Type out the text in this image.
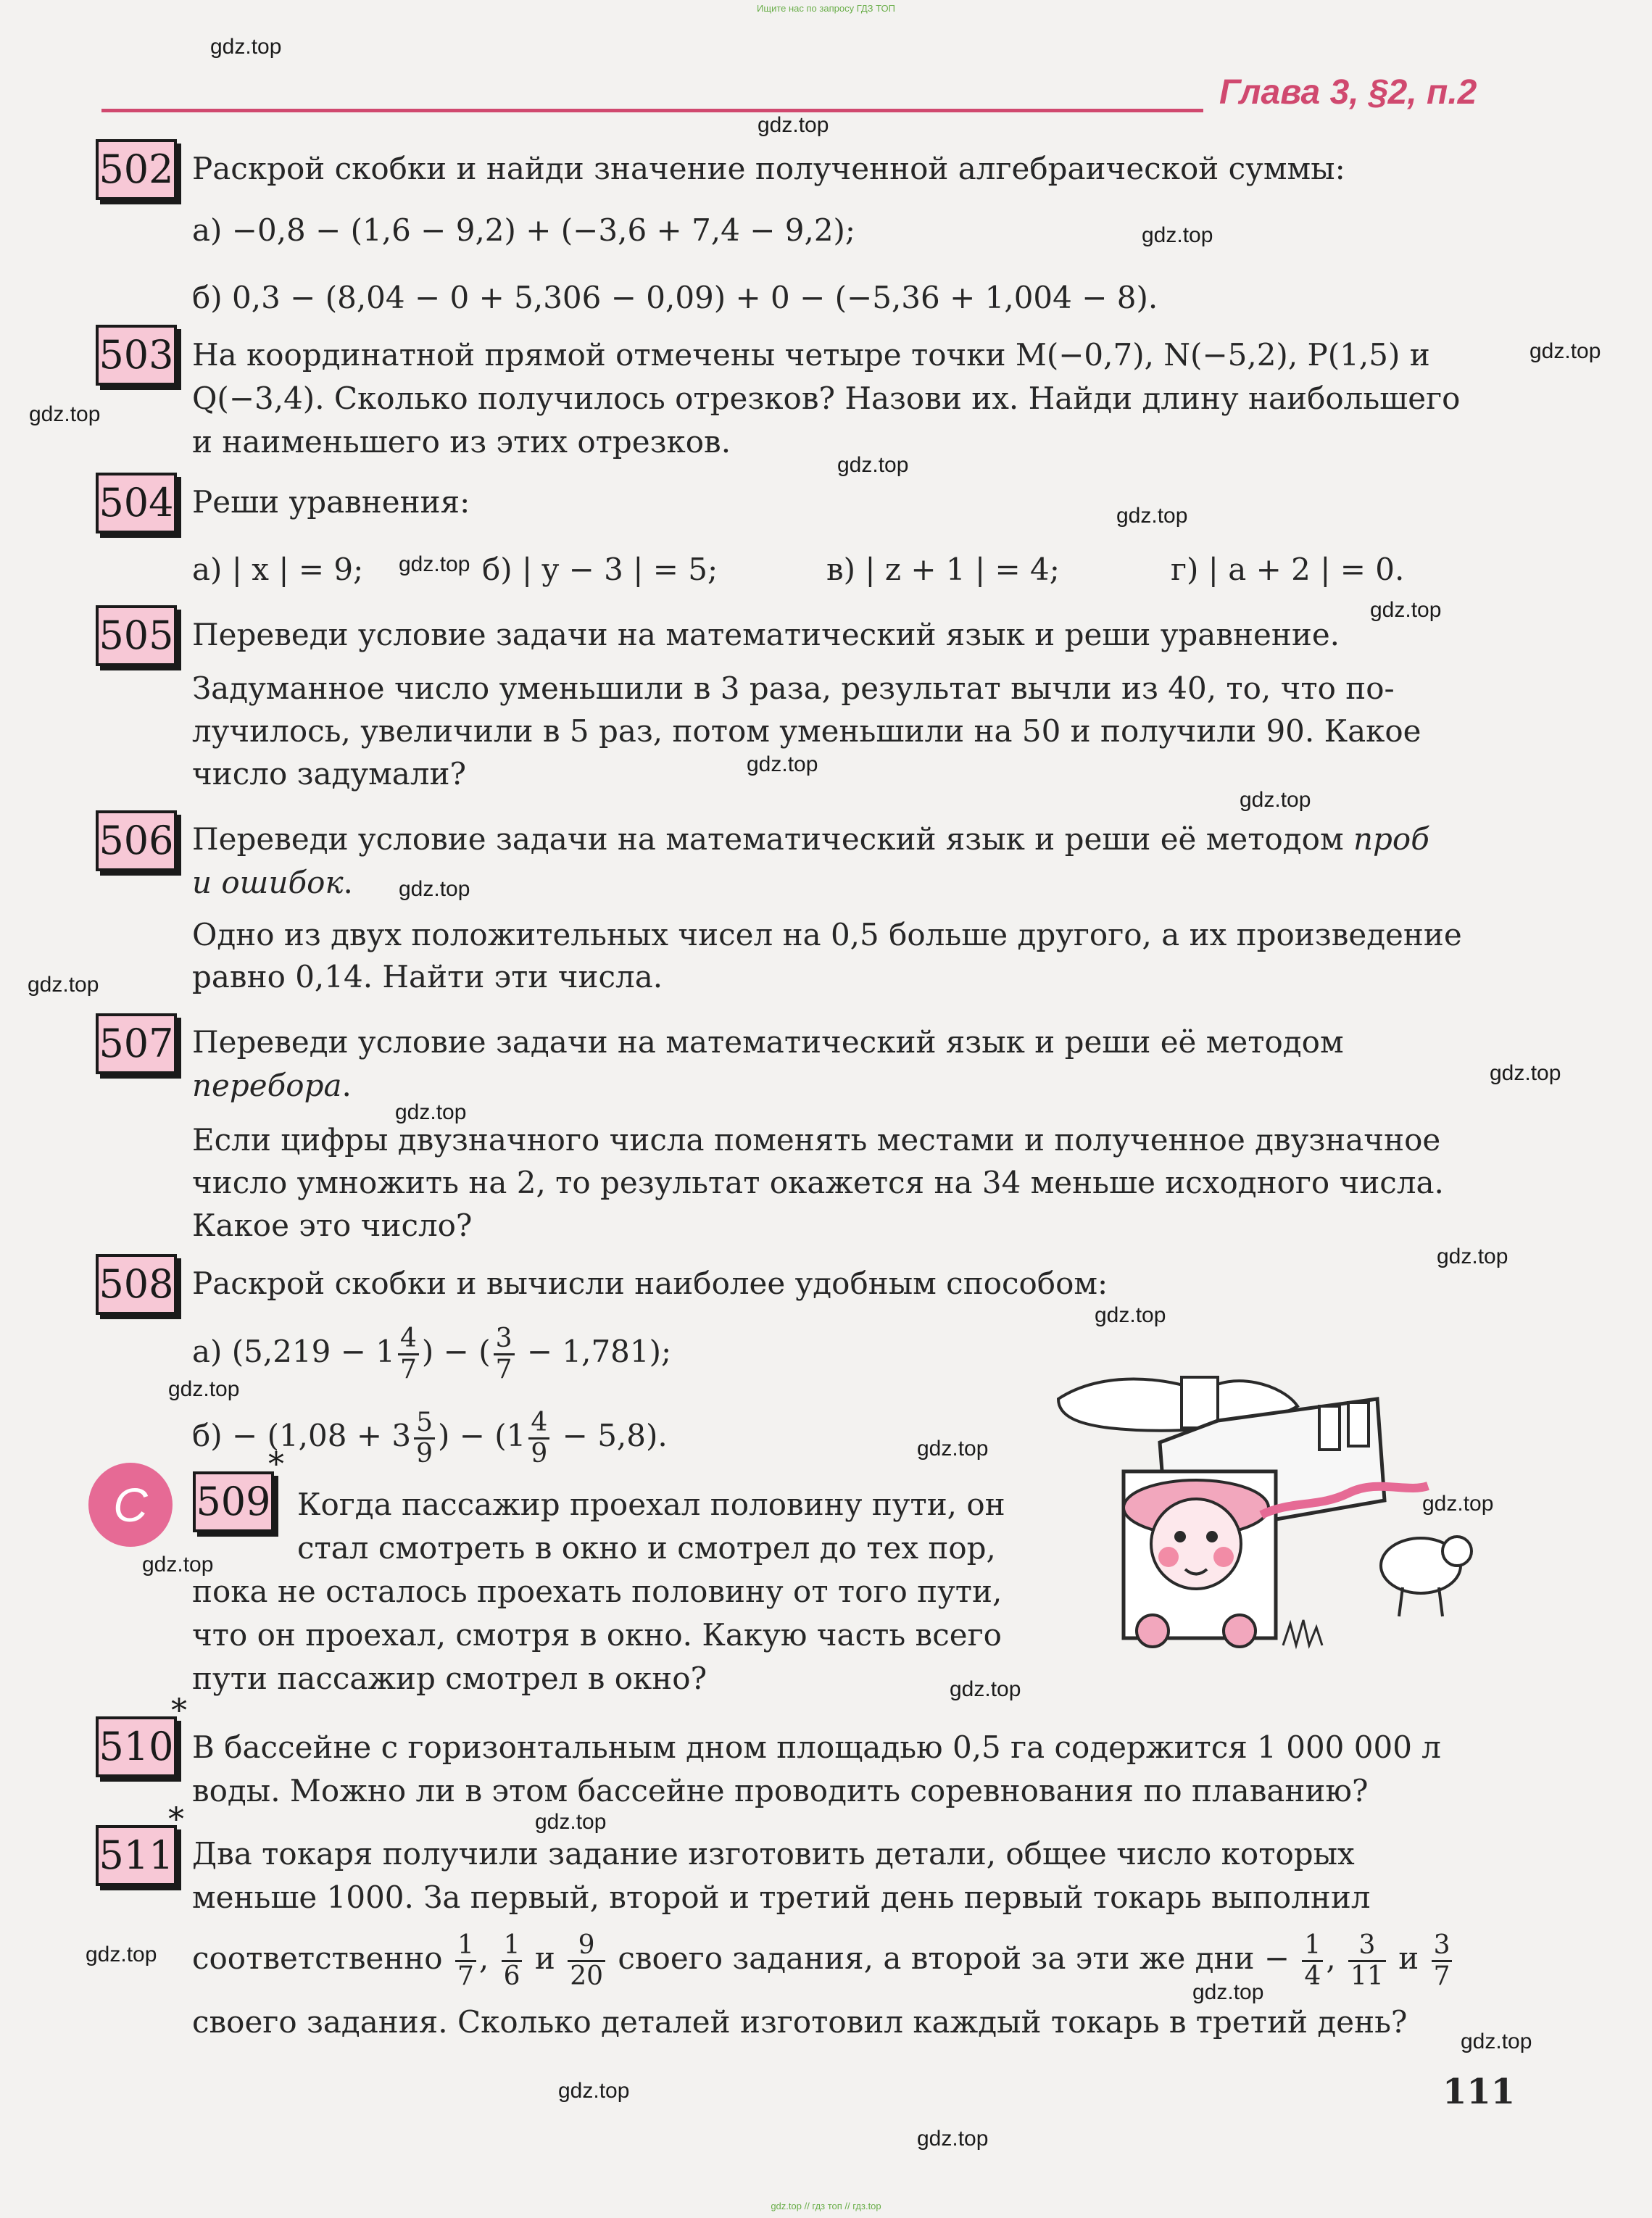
Ищите нас по запросу ГДЗ ТОП
gdz.top
gdz.top
gdz.top
gdz.top
gdz.top
gdz.top
gdz.top
gdz.top
gdz.top
gdz.top
gdz.top
gdz.top
gdz.top
gdz.top
gdz.top
gdz.top
gdz.top
gdz.top
gdz.top
gdz.top
gdz.top
gdz.top
gdz.top
gdz.top
gdz.top
gdz.top
gdz.top
gdz.top
Глава 3, §2, п.2
502 Раскрой скобки и найди значение полученной алгебраической суммы:
а) −0,8 − (1,6 − 9,2) + (−3,6 + 7,4 − 9,2);
б) 0,3 − (8,04 − 0 + 5,306 − 0,09) + 0 − (−5,36 + 1,004 − 8).
503 На координатной прямой отмечены четыре точки M(−0,7), N(−5,2), P(1,5) и
Q(−3,4). Сколько получилось отрезков? Назови их. Найди длину наибольшего
и наименьшего из этих отрезков.
504 Реши уравнения:
а) | x | = 9;	б) | y − 3 | = 5;	в) | z + 1 | = 4;	г) | a + 2 | = 0.
505 Переведи условие задачи на математический язык и реши уравнение.
Задуманное число уменьшили в 3 раза, результат вычли из 40, то, что по-
лучилось, увеличили в 5 раз, потом уменьшили на 50 и получили 90. Какое
число задумали?
506 Переведи условие задачи на математический язык и реши её методом проб
и ошибок.
Одно из двух положительных чисел на 0,5 больше другого, а их произведение
равно 0,14. Найти эти числа.
507 Переведи условие задачи на математический язык и реши её методом
перебора.
Если цифры двузначного числа поменять местами и полученное двузначное
число умножить на 2, то результат окажется на 34 меньше исходного числа.
Какое это число?
508 Раскрой скобки и вычисли наиболее удобным способом:
а) ($5,219 - 1 \frac{4}{7}$ ) − ( $\frac{3}{7} - 1,781$);
$б) - (1,08 + 3 \frac{5}{9}$ ) − $(1 \frac{4}{9} - 5,8)$.
C	509
*
Когда пассажир проехал половину пути, он
стал смотреть в окно и смотрел до тех пор,
пока не осталось проехать половину от того пути,
что он проехал, смотря в окно. Какую часть всего
пути пассажир смотрел в окно?
510
*
В бассейне с горизонтальным дном площадью 0,5 га содержится 1 000 000 л
воды. Можно ли в этом бассейне проводить соревнования по плаванию?
511
*
Два токаря получили задание изготовить детали, общее число которых
меньше 1000. За первый, второй и третий день первый токарь выполнил
соответственно $\frac{1}{7}$ , $\frac{1}{6}$ и $\frac{9}{20}$ своего задания, а второй за эти же дни − $\frac{1}{4}$ , $\frac{3}{11}$ и $\frac{3}{7}$
своего задания. Сколько деталей изготовил каждый токарь в третий день?
111
gdz.top // гдз топ // гдз.top
